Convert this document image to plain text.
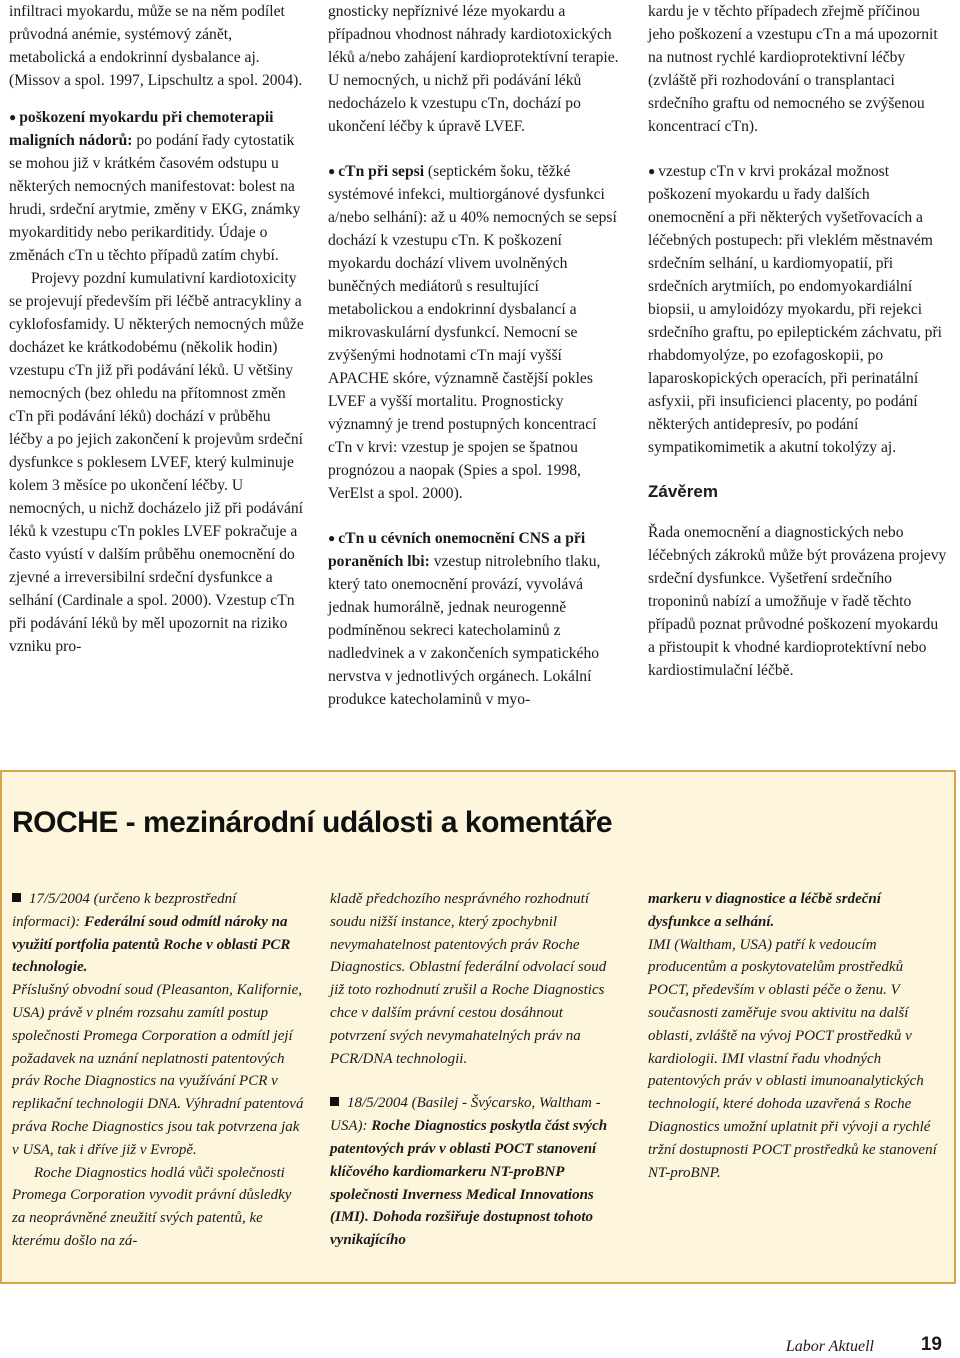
infiltraci myokardu, může se na něm podílet průvodná anémie, systémový zánět, metabolická a endokrinní dysbalance aj. (Missov a spol. 1997, Lipschultz a spol. 2004).

● poškození myokardu při chemoterapii maligních nádorů: po podání řady cytostatik se mohou již v krátkém časovém odstupu u některých nemocných manifestovat: bolest na hrudi, srdeční arytmie, změny v EKG, známky myokarditidy nebo perikarditidy. Údaje o změnách cTn u těchto případů zatím chybí.

Projevy pozdní kumulativní kardiotoxicity se projevují především při léčbě antracykliny a cyklofosfamidy. U některých nemocných může docházet ke krátkodobému (několik hodin) vzestupu cTn již při podávání léků. U většiny nemocných (bez ohledu na přítomnost změn cTn při podávání léků) dochází v průběhu léčby a po jejich zakončení k projevům srdeční dysfunkce s poklesem LVEF, který kulminuje kolem 3 měsíce po ukončení léčby. U nemocných, u nichž docházelo již při podávání léků k vzestupu cTn pokles LVEF pokračuje a často vyústí v dalším průběhu onemocnění do zjevné a irreversibilní srdeční dysfunkce a selhání (Cardinale a spol. 2000). Vzestup cTn při podávání léků by měl upozornit na riziko vzniku pro-

gnosticky nepříznivé léze myokardu a případnou vhodnost náhrady kardiotoxických léků a/nebo zahájení kardioprotektívní terapie. U nemocných, u nichž při podávání léků nedocházelo k vzestupu cTn, dochází po ukončení léčby k úpravě LVEF.

● cTn při sepsi (septickém šoku, těžké systémové infekci, multiorgánové dysfunkci a/nebo selhání): až u 40% nemocných se sepsí dochází k vzestupu cTn. K poškození myokardu dochází vlivem uvolněných buněčných mediátorů s resultující metabolickou a endokrinní dysbalancí a mikrovaskulární dysfunkcí. Nemocní se zvýšenými hodnotami cTn mají vyšší APACHE skóre, významně častější pokles LVEF a vyšší mortalitu. Prognosticky významný je trend postupných koncentrací cTn v krvi: vzestup je spojen se špatnou prognózou a naopak (Spies a spol. 1998, VerElst a spol. 2000).

● cTn u cévních onemocnění CNS a při poraněních lbi: vzestup nitrolebního tlaku, který tato onemocnění provází, vyvolává jednak humorálně, jednak neurogenně podmíněnou sekreci katecholaminů z nadledvinek a v zakončeních sympatického nervstva v jednotlivých orgánech. Lokální produkce katecholaminů v myo-

kardu je v těchto případech zřejmě příčinou jeho poškození a vzestupu cTn a má upozornit na nutnost rychlé kardioprotektivní léčby (zvláště při rozhodování o transplantaci srdečního graftu od nemocného se zvýšenou koncentrací cTn).

● vzestup cTn v krvi prokázal možnost poškození myokardu u řady dalších onemocnění a při některých vyšetřovacích a léčebných postupech: při vleklém městnavém srdečním selhání, u kardiomyopatií, při srdečních arytmiích, po endomyokardiální biopsii, u amyloidózy myokardu, při rejekci srdečního graftu, po epileptickém záchvatu, při rhabdomyolýze, po ezofagoskopii, po laparoskopických operacích, při perinatální asfyxii, při insuficienci placenty, po podání některých antidepresív, po podání sympatikomimetik a akutní tokolýzy aj.

Závěrem

Řada onemocnění a diagnostických nebo léčebných zákroků může být provázena projevy srdeční dysfunkce. Vyšetření srdečního troponinů nabízí a umožňuje v řadě těchto případů poznat průvodné poškození myokardu a přistoupit k vhodné kardioprotektívní nebo kardiostimulační léčbě.

ROCHE - mezinárodní události a komentáře

17/5/2004 (určeno k bezprostřední informaci): Federální soud odmítl nároky na využití portfolia patentů Roche v oblasti PCR technologie.

Příslušný obvodní soud (Pleasanton, Kalifornie, USA) právě v plném rozsahu zamítl postup společnosti Promega Corporation a odmítl její požadavek na uznání neplatnosti patentových práv Roche Diagnostics na využívání PCR v replikační technologii DNA. Výhradní patentová práva Roche Diagnostics jsou tak potvrzena jak v USA, tak i dříve již v Evropě.

Roche Diagnostics hodlá vůči společnosti Promega Corporation vyvodit právní důsledky za neoprávněné zneužití svých patentů, ke kterému došlo na zá-

kladě předchozího nesprávného rozhodnutí soudu nižší instance, který zpochybnil nevymahatelnost patentových práv Roche Diagnostics. Oblastní federální odvolací soud již toto rozhodnutí zrušil a Roche Diagnostics chce v dalším právní cestou dosáhnout potvrzení svých nevymahatelných práv na PCR/DNA technologii.

18/5/2004 (Basilej - Švýcarsko, Waltham -USA): Roche Diagnostics poskytla část svých patentových práv v oblasti POCT stanovení klíčového kardiomarkeru NT-proBNP společnosti Inverness Medical Innovations (IMI). Dohoda rozšiřuje dostupnost tohoto vynikajícího

markeru v diagnostice a léčbě srdeční dysfunkce a selhání.

IMI (Waltham, USA) patří k vedoucím producentům a poskytovatelům prostředků POCT, především v oblasti péče o ženu. V současnosti zaměřuje svou aktivitu na další oblasti, zvláště na vývoj POCT prostředků v kardiologii. IMI vlastní řadu vhodných patentových práv v oblasti imunoanalytických technologií, které dohoda uzavřená s Roche Diagnostics umožní uplatnit při vývoji a rychlé tržní dostupnosti POCT prostředků ke stanovení NT-proBNP.

Labor Aktuell 19
